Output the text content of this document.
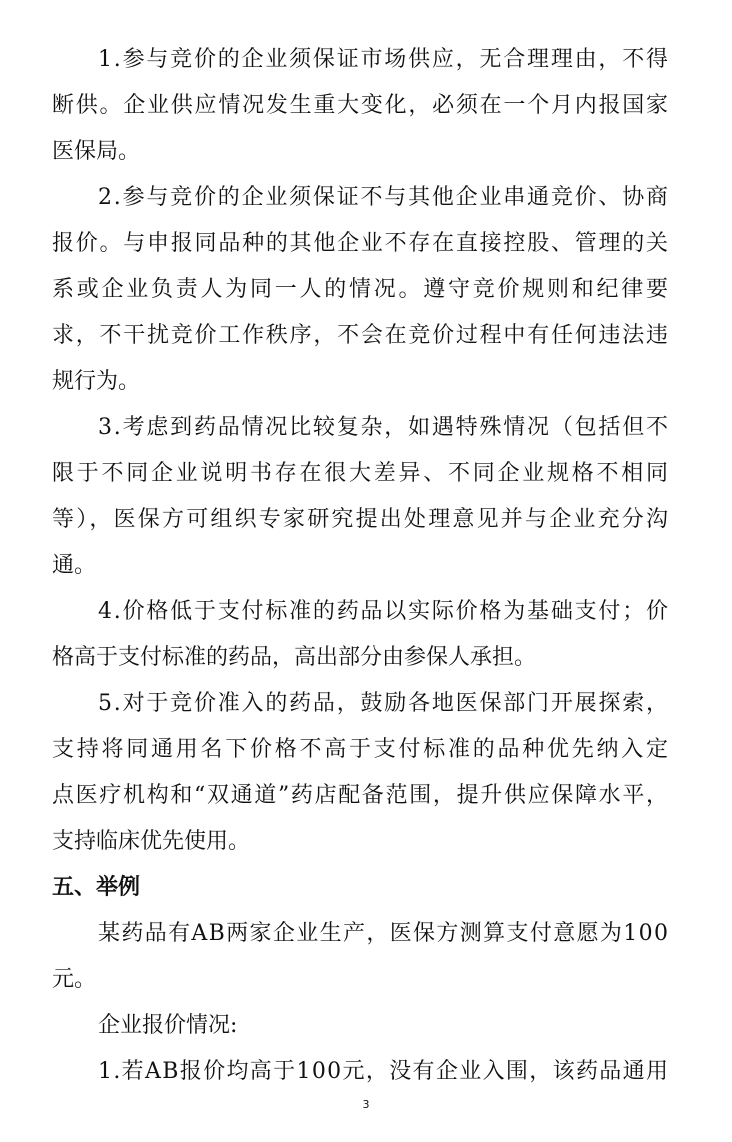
1.参与竞价的企业须保证市场供应，无合理理由，不得
断供。企业供应情况发生重大变化，必须在一个月内报国家
医保局。
2.参与竞价的企业须保证不与其他企业串通竞价、协商
报价。与申报同品种的其他企业不存在直接控股、管理的关
系或企业负责人为同一人的情况。遵守竞价规则和纪律要
求，不干扰竞价工作秩序，不会在竞价过程中有任何违法违
规行为。
3.考虑到药品情况比较复杂，如遇特殊情况（包括但不
限于不同企业说明书存在很大差异、不同企业规格不相同
等），医保方可组织专家研究提出处理意见并与企业充分沟
通。
4.价格低于支付标准的药品以实际价格为基础支付；价
格高于支付标准的药品，高出部分由参保人承担。
5.对于竞价准入的药品，鼓励各地医保部门开展探索，
支持将同通用名下价格不高于支付标准的品种优先纳入定
点医疗机构和“双通道”药店配备范围，提升供应保障水平，
支持临床优先使用。
五、举例
某药品有AB两家企业生产，医保方测算支付意愿为100
元。
企业报价情况:
1.若AB报价均高于100元，没有企业入围，该药品通用
3
